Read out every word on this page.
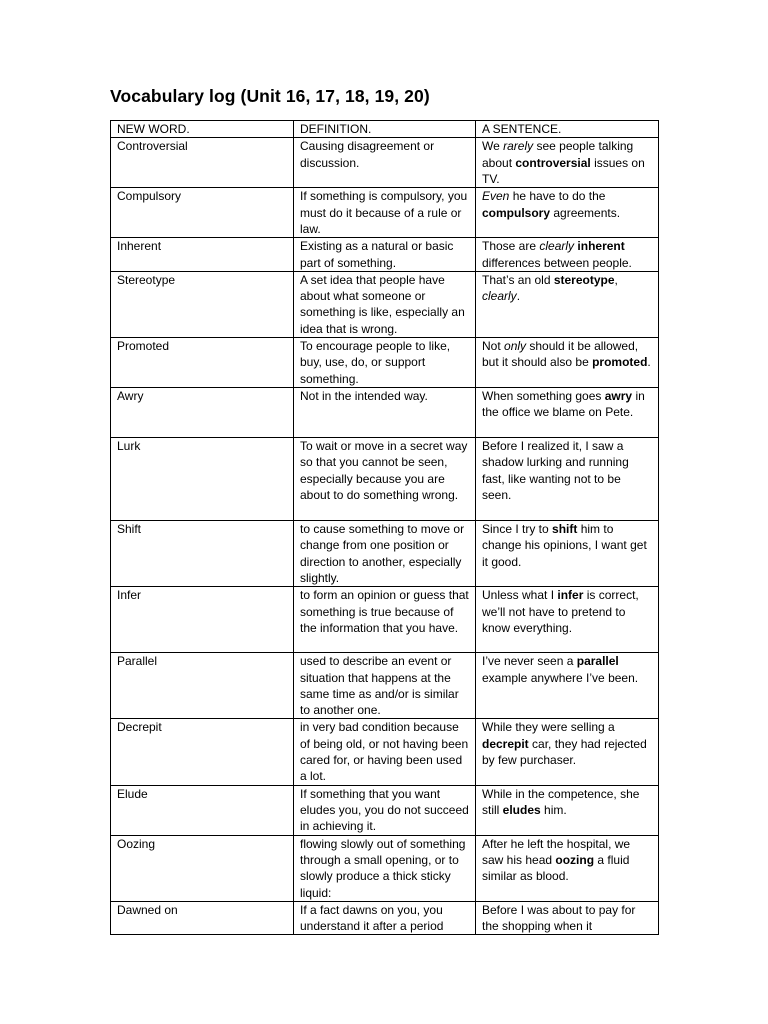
Vocabulary log (Unit 16, 17, 18, 19, 20)
NEW WORD.	DEFINITION.	A SENTENCE.
Controversial	Causing disagreement or discussion.	We rarely see people talking about controversial issues on TV.
Compulsory	If something is compulsory, you must do it because of a rule or law.	Even he have to do the compulsory agreements.
Inherent	Existing as a natural or basic part of something.	Those are clearly inherent differences between people.
Stereotype	A set idea that people have about what someone or something is like, especially an idea that is wrong.	That’s an old stereotype, clearly.
Promoted	To encourage people to like, buy, use, do, or support something.	Not only should it be allowed, but it should also be promoted.
Awry	Not in the intended way.	When something goes awry in the office we blame on Pete.
Lurk	To wait or move in a secret way so that you cannot be seen, especially because you are about to do something wrong.	Before I realized it, I saw a shadow lurking and running fast, like wanting not to be seen.
Shift	to cause something to move or change from one position or direction to another, especially slightly.	Since I try to shift him to change his opinions, I want get it good.
Infer	to form an opinion or guess that something is true because of the information that you have.	Unless what I infer is correct, we’ll not have to pretend to know everything.
Parallel	used to describe an event or situation that happens at the same time as and/or is similar to another one.	I’ve never seen a parallel example anywhere I’ve been.
Decrepit	in very bad condition because of being old, or not having been cared for, or having been used a lot.	While they were selling a decrepit car, they had rejected by few purchaser.
Elude	If something that you want eludes you, you do not succeed in achieving it.	While in the competence, she still eludes him.
Oozing	flowing slowly out of something through a small opening, or to slowly produce a thick sticky liquid:	After he left the hospital, we saw his head oozing a fluid similar as blood.
Dawned on	If a fact dawns on you, you understand it after a period	Before I was about to pay for the shopping when it
